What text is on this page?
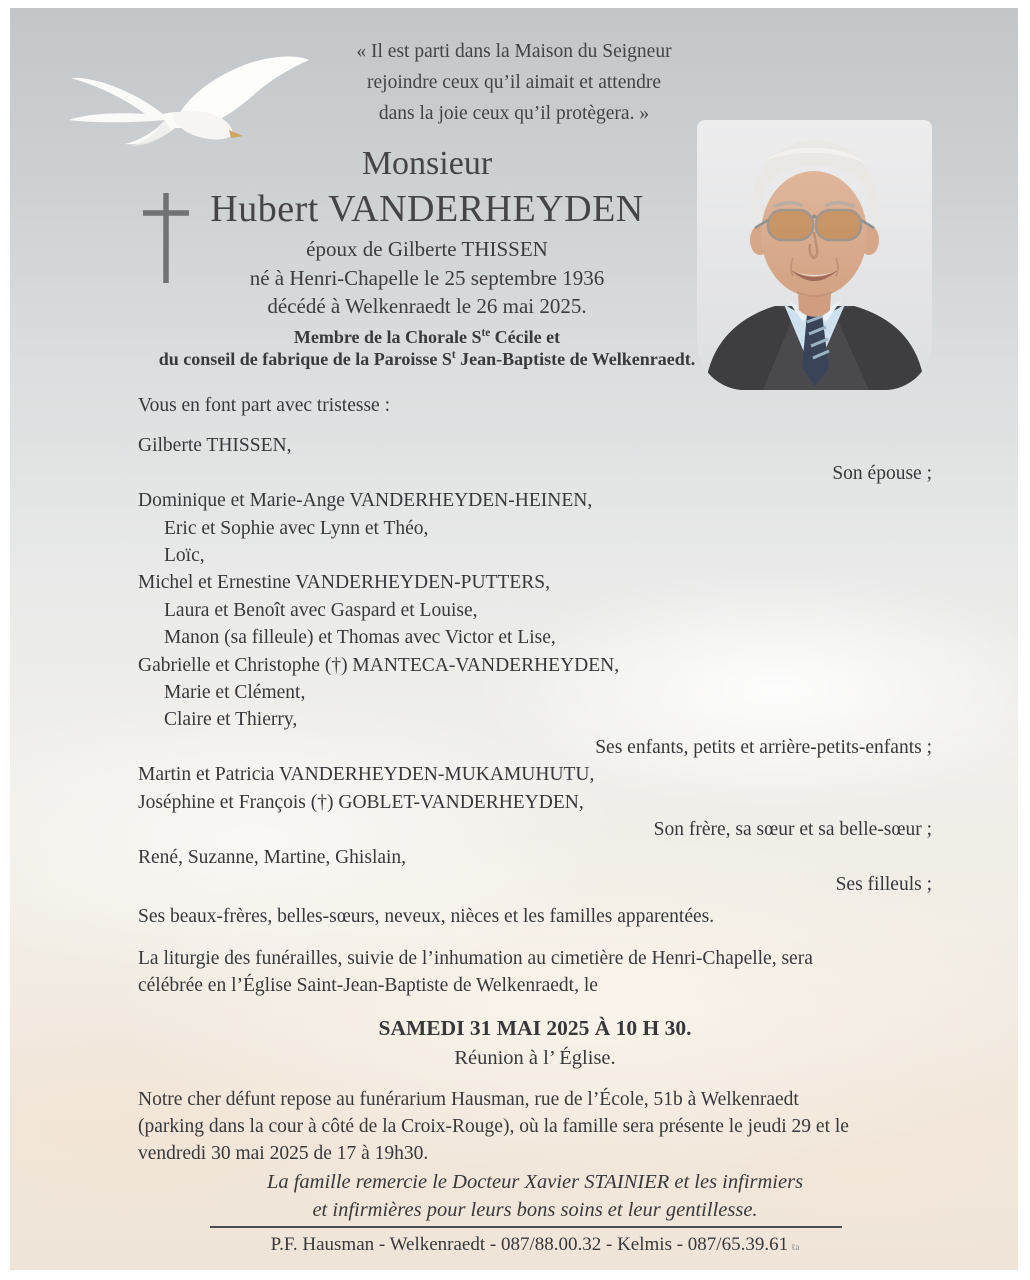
« Il est parti dans la Maison du Seigneur
rejoindre ceux qu’il aimait et attendre
dans la joie ceux qu’il protègera. »
Monsieur
Hubert VANDERHEYDEN
époux de Gilberte THISSEN
né à Henri-Chapelle le 25 septembre 1936
décédé à Welkenraedt le 26 mai 2025.
Membre de la Chorale $S^{te}$ Cécile et
du conseil de fabrique de la Paroisse $S^t$ Jean-Baptiste de Welkenraedt.
Vous en font part avec tristesse :
Gilberte THISSEN,
Son épouse ;
Dominique et Marie-Ange VANDERHEYDEN-HEINEN,
Eric et Sophie avec Lynn et Théo,
Loïc,
Michel et Ernestine VANDERHEYDEN-PUTTERS,
Laura et Benoît avec Gaspard et Louise,
Manon (sa filleule) et Thomas avec Victor et Lise,
Gabrielle et Christophe (†) MANTECA-VANDERHEYDEN,
Marie et Clément,
Claire et Thierry,
Ses enfants, petits et arrière-petits-enfants ;
Martin et Patricia VANDERHEYDEN-MUKAMUHUTU,
Joséphine et François (†) GOBLET-VANDERHEYDEN,
Son frère, sa sœur et sa belle-sœur ;
René, Suzanne, Martine, Ghislain,
Ses filleuls ;
Ses beaux-frères, belles-sœurs, neveux, nièces et les familles apparentées.
La liturgie des funérailles, suivie de l’inhumation au cimetière de Henri-Chapelle, sera
célébrée en l’Église Saint-Jean-Baptiste de Welkenraedt, le
SAMEDI 31 MAI 2025 À 10 H 30.
Réunion à l’ Église.
Notre cher défunt repose au funérarium Hausman, rue de l’École, 51b à Welkenraedt
(parking dans la cour à côté de la Croix-Rouge), où la famille sera présente le jeudi 29 et le
vendredi 30 mai 2025 de 17 à 19h30.
La famille remercie le Docteur Xavier STAINIER et les infirmiers
et infirmières pour leurs bons soins et leur gentillesse.
P.F. Hausman - Welkenraedt - 087/88.00.32 - Kelmis - 087/65.39.61 ℓa
